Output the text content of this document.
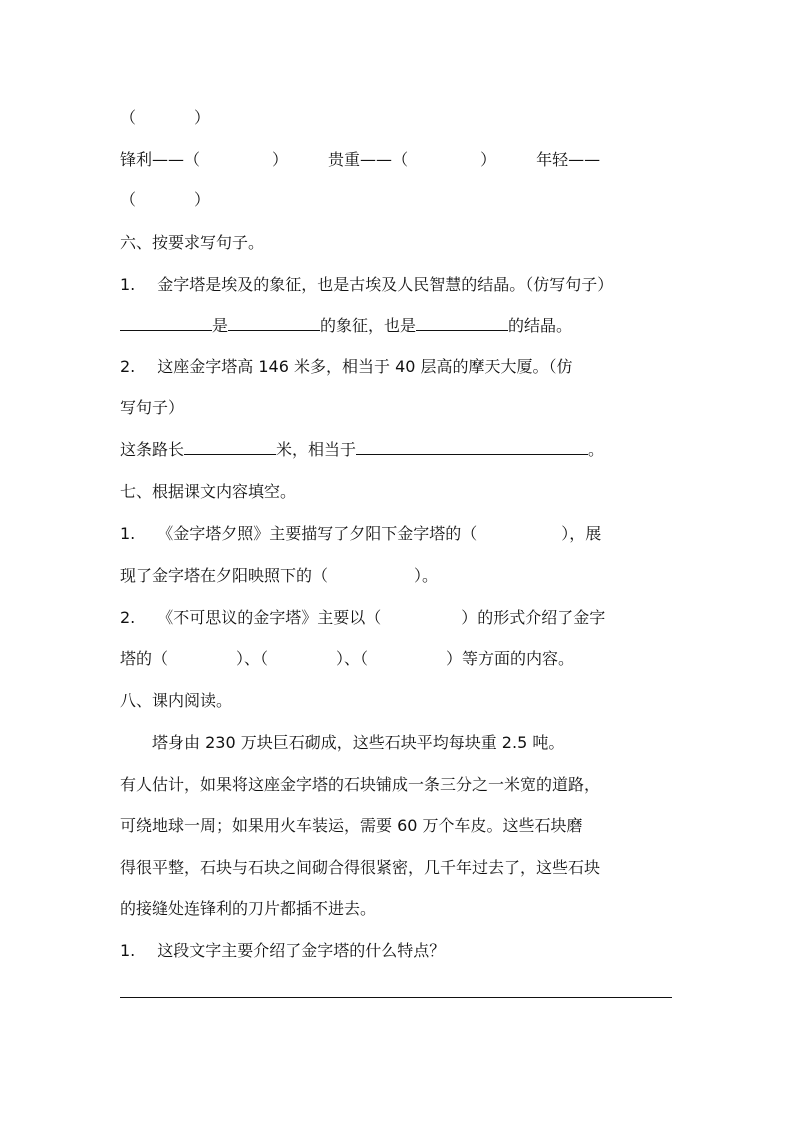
（	）
锋利——（	）	贵重——（	）	年轻——
（	）
六、按要求写句子。
1. 金字塔是埃及的象征，也是古埃及人民智慧的结晶。（仿写句子）
是	的象征，也是	的结晶。
2. 这座金字塔高 146 米多，相当于 40 层高的摩天大厦。（仿
写句子）
这条路长	米，相当于	。
七、根据课文内容填空。
1. 《金字塔夕照》主要描写了夕阳下金字塔的（	），展
现了金字塔在夕阳映照下的（	）。
2. 《不可思议的金字塔》主要以（	）的形式介绍了金字
塔的（	）、（	）、（	）等方面的内容。
八、课内阅读。
塔身由 230 万块巨石砌成，这些石块平均每块重 2.5 吨。
有人估计，如果将这座金字塔的石块铺成一条三分之一米宽的道路，
可绕地球一周；如果用火车装运，需要 60 万个车皮。这些石块磨
得很平整，石块与石块之间砌合得很紧密，几千年过去了，这些石块
的接缝处连锋利的刀片都插不进去。
1. 这段文字主要介绍了金字塔的什么特点？
